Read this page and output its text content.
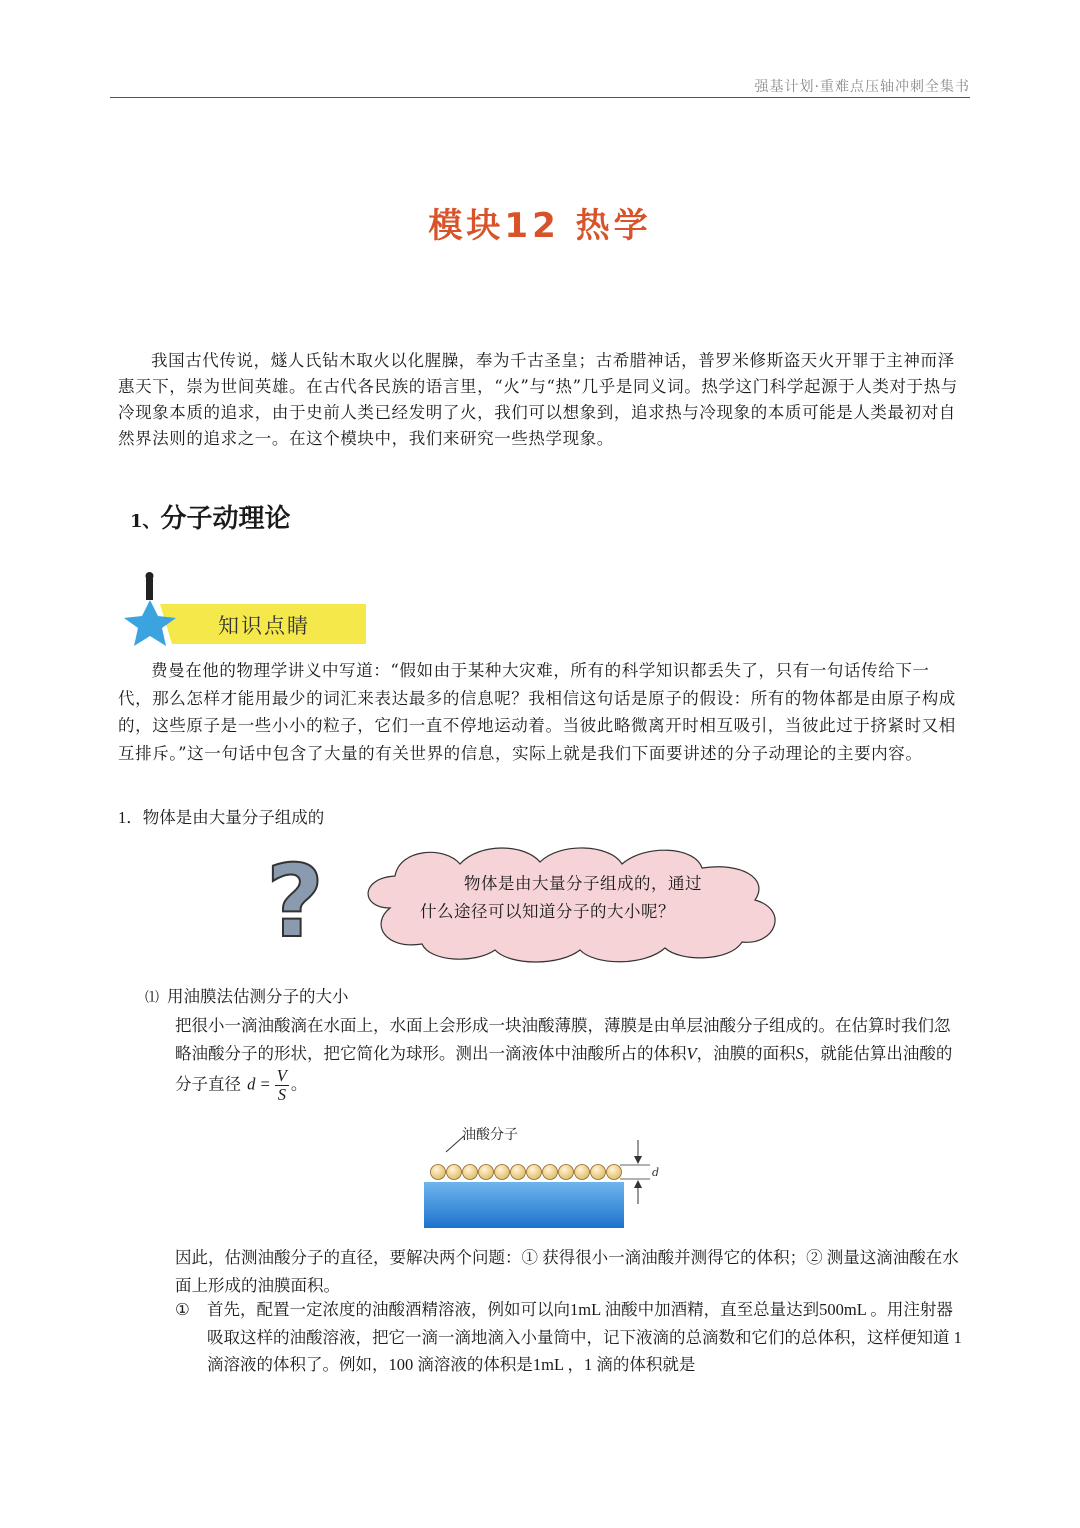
强基计划·重难点压轴冲刺全集书
模块12 热学

我国古代传说，燧人氏钻木取火以化腥臊，奉为千古圣皇；古希腊神话，普罗米修斯盗天火开罪于主神而泽惠天下，崇为世间英雄。在古代各民族的语言里，“火”与“热”几乎是同义词。热学这门科学起源于人类对于热与冷现象本质的追求，由于史前人类已经发明了火，我们可以想象到，追求热与冷现象的本质可能是人类最初对自然界法则的追求之一。在这个模块中，我们来研究一些热学现象。

1、分子动理论
知识点睛

费曼在他的物理学讲义中写道：“假如由于某种大灾难，所有的科学知识都丢失了，只有一句话传给下一代，那么怎样才能用最少的词汇来表达最多的信息呢？我相信这句话是原子的假设：所有的物体都是由原子构成的，这些原子是一些小小的粒子，它们一直不停地运动着。当彼此略微离开时相互吸引，当彼此过于挤紧时又相互排斥。”这一句话中包含了大量的有关世界的信息，实际上就是我们下面要讲述的分子动理论的主要内容。

1．物体是由大量分子组成的
?	物体是由大量分子组成的，通过
什么途径可以知道分子的大小呢？
⑴ 用油膜法估测分子的大小

把很小一滴油酸滴在水面上，水面上会形成一块油酸薄膜，薄膜是由单层油酸分子组成的。在估算时我们忽略油酸分子的形状，把它简化为球形。测出一滴液体中油酸所占的体积V，油膜的面积S，就能估算出油酸的分子直径 $d = \frac{V}{S}$ 。

d
油酸分子

因此，估测油酸分子的直径，要解决两个问题：① 获得很小一滴油酸并测得它的体积；② 测量这滴油酸在水面上形成的油膜面积。

①	首先，配置一定浓度的油酸酒精溶液，例如可以向1mL 油酸中加酒精，直至总量达到500mL 。用注射器吸取这样的油酸溶液，把它一滴一滴地滴入小量筒中，记下液滴的总滴数和它们的总体积，这样便知道 1 滴溶液的体积了。例如，100 滴溶液的体积是1mL ，1 滴的体积就是
